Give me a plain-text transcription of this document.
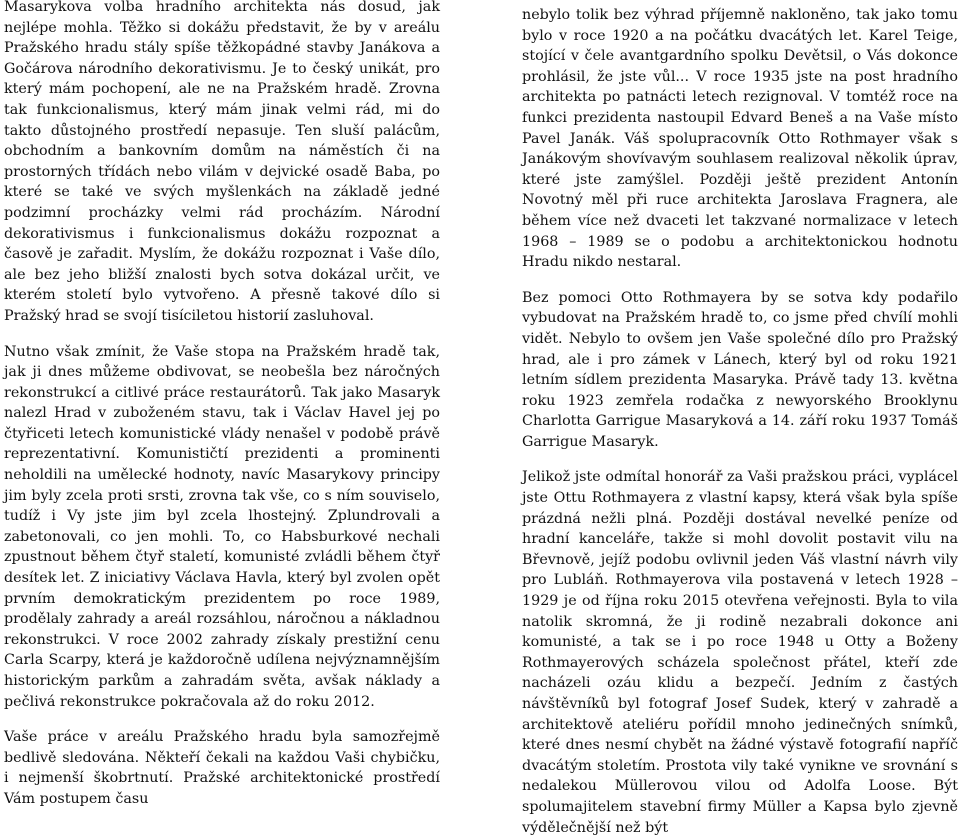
Masarykova volba hradního architekta nás dosud, jak nejlépe mohla. Těžko si dokážu představit, že by v areálu Pražského hradu stály spíše těžkopádné stavby Janákova a Gočárova národního dekorativismu. Je to český unikát, pro který mám pochopení, ale ne na Pražském hradě. Zrovna tak funkcionalismus, který mám jinak velmi rád, mi do takto důstojného prostředí nepasuje. Ten sluší palácům, obchodním a bankovním domům na náměstích či na prostorných třídách nebo vilám v dejvické osadě Baba, po které se také ve svých myšlenkách na základě jedné podzimní procházky velmi rád procházím. Národní dekorativismus i funkcionalismus dokážu rozpoznat a časově je zařadit. Myslím, že dokážu rozpoznat i Vaše dílo, ale bez jeho bližší znalosti bych sotva dokázal určit, ve kterém století bylo vytvořeno. A přesně takové dílo si Pražský hrad se svojí tisíciletou historií zasluhoval.

Nutno však zmínit, že Vaše stopa na Pražském hradě tak, jak ji dnes můžeme obdivovat, se neobešla bez náročných rekonstrukcí a citlivé práce restaurátorů. Tak jako Masaryk nalezl Hrad v zuboženém stavu, tak i Václav Havel jej po čtyřiceti letech komunistické vlády nenašel v podobě právě reprezentativní. Komunističtí prezidenti a prominenti neholdili na umělecké hodnoty, navíc Masarykovy principy jim byly zcela proti srsti, zrovna tak vše, co s ním souviselo, tudíž i Vy jste jim byl zcela lhostejný. Zplundrovali a zabetonovali, co jen mohli. To, co Habsburkové nechali zpustnout během čtyř staletí, komunisté zvládli během čtyř desítek let. Z iniciativy Václava Havla, který byl zvolen opět prvním demokratickým prezidentem po roce 1989, prodělaly zahrady a areál rozsáhlou, náročnou a nákladnou rekonstrukci. V roce 2002 zahrady získaly prestižní cenu Carla Scarpy, která je každoročně udílena nejvýznamnějším historickým parkům a zahradám světa, avšak náklady a pečlivá rekonstrukce pokračovala až do roku 2012.

Vaše práce v areálu Pražského hradu byla samozřejmě bedlivě sledována. Někteří čekali na každou Vaši chybičku, i nejmenší škobrtnutí. Pražské architektonické prostředí Vám postupem času

nebylo tolik bez výhrad příjemně nakloněno, tak jako tomu bylo v roce 1920 a na počátku dvacátých let. Karel Teige, stojící v čele avantgardního spolku Devětsil, o Vás dokonce prohlásil, že jste vůl... V roce 1935 jste na post hradního architekta po patnácti letech rezignoval. V tomtéž roce na funkci prezidenta nastoupil Edvard Beneš a na Vaše místo Pavel Janák. Váš spolupracovník Otto Rothmayer však s Janákovým shovívavým souhlasem realizoval několik úprav, které jste zamýšlel. Později ještě prezident Antonín Novotný měl při ruce architekta Jaroslava Fragnera, ale během více než dvaceti let takzvané normalizace v letech 1968 – 1989 se o podobu a architektonickou hodnotu Hradu nikdo nestaral.

Bez pomoci Otto Rothmayera by se sotva kdy podařilo vybudovat na Pražském hradě to, co jsme před chvílí mohli vidět. Nebylo to ovšem jen Vaše společné dílo pro Pražský hrad, ale i pro zámek v Lánech, který byl od roku 1921 letním sídlem prezidenta Masaryka. Právě tady 13. května roku 1923 zemřela rodačka z newyorského Brooklynu Charlotta Garrigue Masaryková a 14. září roku 1937 Tomáš Garrigue Masaryk.

Jelikož jste odmítal honorář za Vaši pražskou práci, vyplácel jste Ottu Rothmayera z vlastní kapsy, která však byla spíše prázdná nežli plná. Později dostával nevelké peníze od hradní kanceláře, takže si mohl dovolit postavit vilu na Břevnově, jejíž podobu ovlivnil jeden Váš vlastní návrh vily pro Lubláň. Rothmayerova vila postavená v letech 1928 – 1929 je od října roku 2015 otevřena veřejnosti. Byla to vila natolik skromná, že ji rodině nezabrali dokonce ani komunisté, a tak se i po roce 1948 u Otty a Boženy Rothmayerových scházela společnost přátel, kteří zde nacházeli ozáu klidu a bezpečí. Jedním z častých návštěvníků byl fotograf Josef Sudek, který v zahradě a architektově ateliéru pořídil mnoho jedinečných snímků, které dnes nesmí chybět na žádné výstavě fotografií napříč dvacátým stoletím. Prostota vily také vynikne ve srovnání s nedalekou Müllerovou vilou od Adolfa Loose. Být spolumajitelem stavební firmy Müller a Kapsa bylo zjevně výdělečnější než být
